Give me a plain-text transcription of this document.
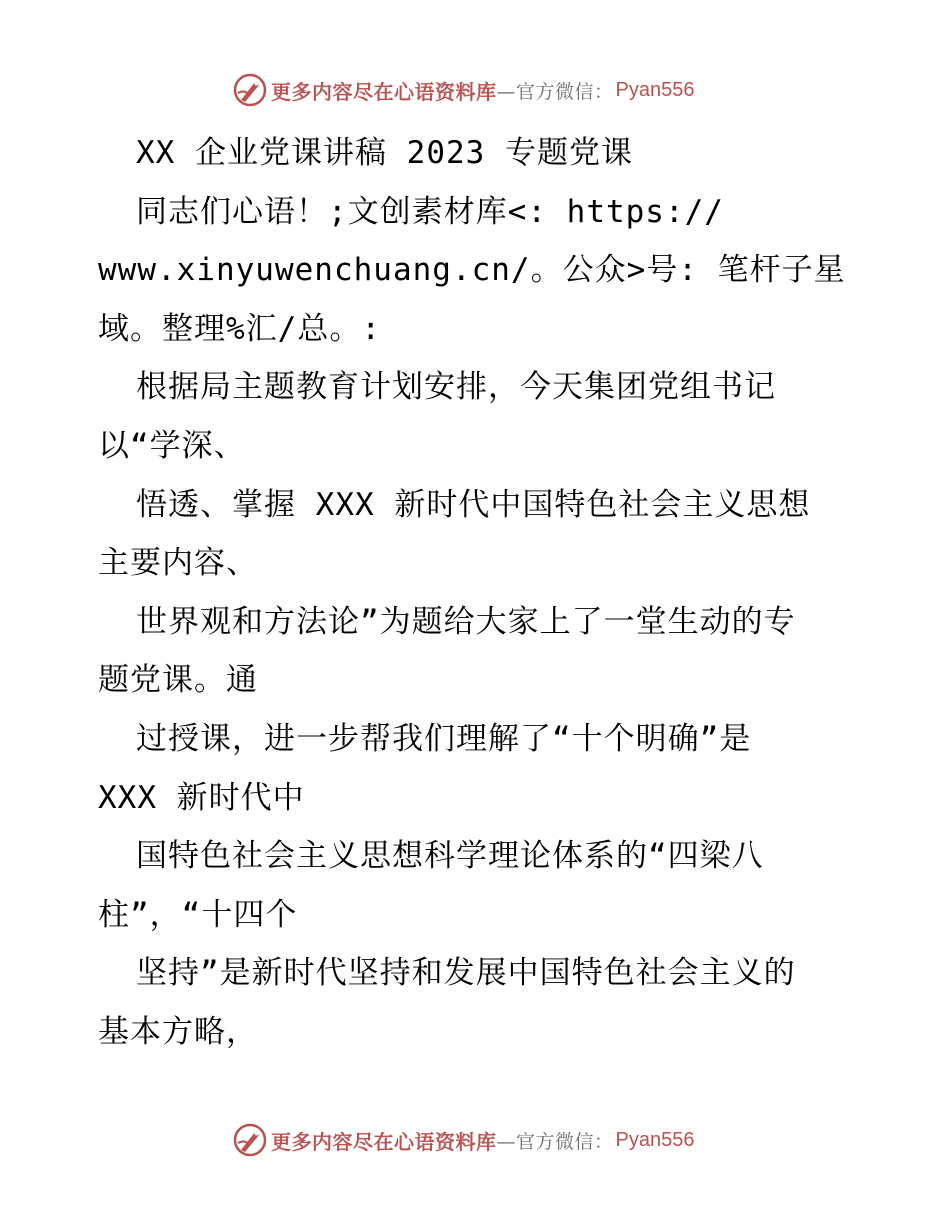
更多内容尽在心语资料库 —官方微信： Pyan556
XX 企业党课讲稿 2023 专题党课
同志们心语！;文创素材库<: https://
www.xinyuwenchuang.cn/。公众>号: 笔杆子星
域。整理%汇/总。:
根据局主题教育计划安排，今天集团党组书记
以“学深、
悟透、掌握 XXX 新时代中国特色社会主义思想
主要内容、
世界观和方法论”为题给大家上了一堂生动的专
题党课。通
过授课，进一步帮我们理解了“十个明确”是
XXX 新时代中
国特色社会主义思想科学理论体系的“四梁八
柱”，“十四个
坚持”是新时代坚持和发展中国特色社会主义的
基本方略，
更多内容尽在心语资料库 —官方微信： Pyan556
